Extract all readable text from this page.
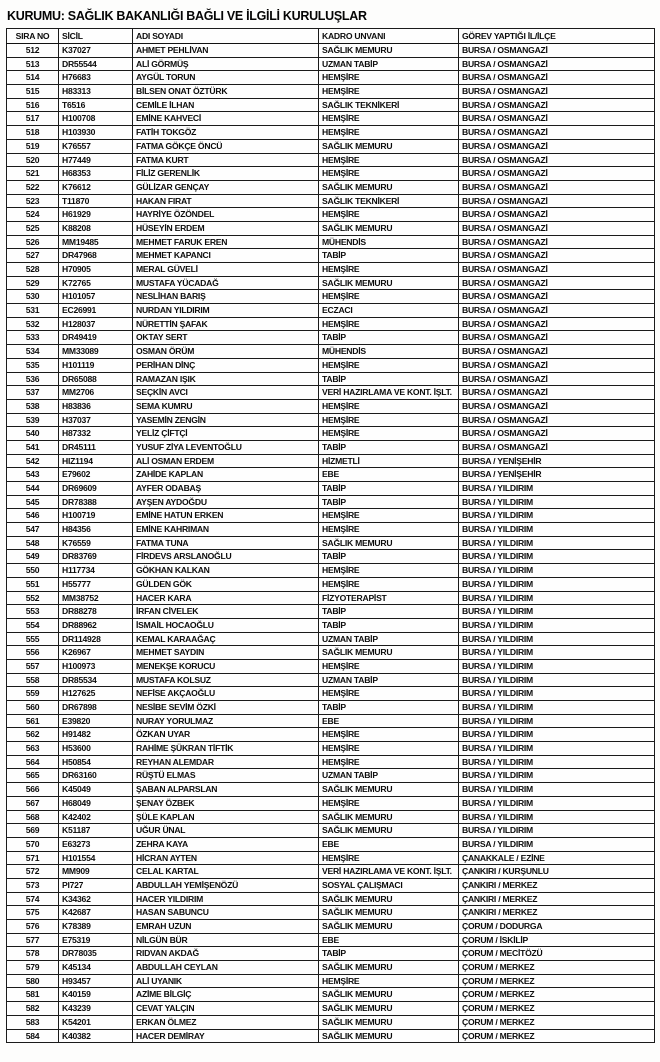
KURUMU: SAĞLIK BAKANLIĞI BAĞLI VE İLGİLİ KURULUŞLAR
SIRA NO	SİCİL	ADI SOYADI	KADRO UNVANI	GÖREV YAPTIĞI İL/İLÇE
512	K37027	AHMET PEHLİVAN	SAĞLIK MEMURU	BURSA / OSMANGAZİ
513	DR55544	ALİ GÖRMÜŞ	UZMAN TABİP	BURSA / OSMANGAZİ
514	H76683	AYGÜL TORUN	HEMŞİRE	BURSA / OSMANGAZİ
515	H83313	BİLSEN ONAT ÖZTÜRK	HEMŞİRE	BURSA / OSMANGAZİ
516	T6516	CEMİLE İLHAN	SAĞLIK TEKNİKERİ	BURSA / OSMANGAZİ
517	H100708	EMİNE KAHVECİ	HEMŞİRE	BURSA / OSMANGAZİ
518	H103930	FATİH TOKGÖZ	HEMŞİRE	BURSA / OSMANGAZİ
519	K76557	FATMA GÖKÇE ÖNCÜ	SAĞLIK MEMURU	BURSA / OSMANGAZİ
520	H77449	FATMA KURT	HEMŞİRE	BURSA / OSMANGAZİ
521	H68353	FİLİZ GERENLİK	HEMŞİRE	BURSA / OSMANGAZİ
522	K76612	GÜLİZAR GENÇAY	SAĞLIK MEMURU	BURSA / OSMANGAZİ
523	T11870	HAKAN FIRAT	SAĞLIK TEKNİKERİ	BURSA / OSMANGAZİ
524	H61929	HAYRİYE ÖZÖNDEL	HEMŞİRE	BURSA / OSMANGAZİ
525	K88208	HÜSEYİN ERDEM	SAĞLIK MEMURU	BURSA / OSMANGAZİ
526	MM19485	MEHMET FARUK EREN	MÜHENDİS	BURSA / OSMANGAZİ
527	DR47968	MEHMET KAPANCI	TABİP	BURSA / OSMANGAZİ
528	H70905	MERAL GÜVELİ	HEMŞİRE	BURSA / OSMANGAZİ
529	K72765	MUSTAFA YÜCADAĞ	SAĞLIK MEMURU	BURSA / OSMANGAZİ
530	H101057	NESLİHAN BARIŞ	HEMŞİRE	BURSA / OSMANGAZİ
531	EC26991	NURDAN YILDIRIM	ECZACI	BURSA / OSMANGAZİ
532	H128037	NÜRETTİN ŞAFAK	HEMŞİRE	BURSA / OSMANGAZİ
533	DR49419	OKTAY SERT	TABİP	BURSA / OSMANGAZİ
534	MM33089	OSMAN ÖRÜM	MÜHENDİS	BURSA / OSMANGAZİ
535	H101119	PERİHAN DİNÇ	HEMŞİRE	BURSA / OSMANGAZİ
536	DR65088	RAMAZAN IŞIK	TABİP	BURSA / OSMANGAZİ
537	MM2706	SEÇKİN AVCI	VERİ HAZIRLAMA VE KONT. İŞLT.	BURSA / OSMANGAZİ
538	H83836	SEMA KUMRU	HEMŞİRE	BURSA / OSMANGAZİ
539	H37037	YASEMİN ZENGİN	HEMŞİRE	BURSA / OSMANGAZİ
540	H87332	YELİZ ÇİFTÇİ	HEMŞİRE	BURSA / OSMANGAZİ
541	DR45111	YUSUF ZİYA LEVENTOĞLU	TABİP	BURSA / OSMANGAZİ
542	HIZ1194	ALİ OSMAN ERDEM	HİZMETLİ	BURSA / YENİŞEHİR
543	E79602	ZAHİDE KAPLAN	EBE	BURSA / YENİŞEHİR
544	DR69609	AYFER ODABAŞ	TABİP	BURSA / YILDIRIM
545	DR78388	AYŞEN AYDOĞDU	TABİP	BURSA / YILDIRIM
546	H100719	EMİNE HATUN ERKEN	HEMŞİRE	BURSA / YILDIRIM
547	H84356	EMİNE KAHRIMAN	HEMŞİRE	BURSA / YILDIRIM
548	K76559	FATMA TUNA	SAĞLIK MEMURU	BURSA / YILDIRIM
549	DR83769	FİRDEVS ARSLANOĞLU	TABİP	BURSA / YILDIRIM
550	H117734	GÖKHAN KALKAN	HEMŞİRE	BURSA / YILDIRIM
551	H55777	GÜLDEN GÖK	HEMŞİRE	BURSA / YILDIRIM
552	MM38752	HACER KARA	FİZYOTERAPİST	BURSA / YILDIRIM
553	DR88278	İRFAN CİVELEK	TABİP	BURSA / YILDIRIM
554	DR88962	İSMAİL HOCAOĞLU	TABİP	BURSA / YILDIRIM
555	DR114928	KEMAL KARAAĞAÇ	UZMAN TABİP	BURSA / YILDIRIM
556	K26967	MEHMET SAYDIN	SAĞLIK MEMURU	BURSA / YILDIRIM
557	H100973	MENEKŞE KORUCU	HEMŞİRE	BURSA / YILDIRIM
558	DR85534	MUSTAFA KOLSUZ	UZMAN TABİP	BURSA / YILDIRIM
559	H127625	NEFİSE AKÇAOĞLU	HEMŞİRE	BURSA / YILDIRIM
560	DR67898	NESİBE SEVİM ÖZKİ	TABİP	BURSA / YILDIRIM
561	E39820	NURAY YORULMAZ	EBE	BURSA / YILDIRIM
562	H91482	ÖZKAN UYAR	HEMŞİRE	BURSA / YILDIRIM
563	H53600	RAHİME ŞÜKRAN TİFTİK	HEMŞİRE	BURSA / YILDIRIM
564	H50854	REYHAN ALEMDAR	HEMŞİRE	BURSA / YILDIRIM
565	DR63160	RÜŞTÜ ELMAS	UZMAN TABİP	BURSA / YILDIRIM
566	K45049	ŞABAN ALPARSLAN	SAĞLIK MEMURU	BURSA / YILDIRIM
567	H68049	ŞENAY ÖZBEK	HEMŞİRE	BURSA / YILDIRIM
568	K42402	ŞÜLE KAPLAN	SAĞLIK MEMURU	BURSA / YILDIRIM
569	K51187	UĞUR ÜNAL	SAĞLIK MEMURU	BURSA / YILDIRIM
570	E63273	ZEHRA KAYA	EBE	BURSA / YILDIRIM
571	H101554	HİCRAN AYTEN	HEMŞİRE	ÇANAKKALE / EZİNE
572	MM909	CELAL KARTAL	VERİ HAZIRLAMA VE KONT. İŞLT.	ÇANKIRI / KURŞUNLU
573	PI727	ABDULLAH YEMİŞENÖZÜ	SOSYAL ÇALIŞMACI	ÇANKIRI / MERKEZ
574	K34362	HACER YILDIRIM	SAĞLIK MEMURU	ÇANKIRI / MERKEZ
575	K42687	HASAN SABUNCU	SAĞLIK MEMURU	ÇANKIRI / MERKEZ
576	K78389	EMRAH UZUN	SAĞLIK MEMURU	ÇORUM / DODURGA
577	E75319	NİLGÜN BÜR	EBE	ÇORUM / İSKİLİP
578	DR78035	RIDVAN AKDAĞ	TABİP	ÇORUM / MECİTÖZÜ
579	K45134	ABDULLAH CEYLAN	SAĞLIK MEMURU	ÇORUM / MERKEZ
580	H93457	ALİ UYANIK	HEMŞİRE	ÇORUM / MERKEZ
581	K40159	AZİME BİLGİÇ	SAĞLIK MEMURU	ÇORUM / MERKEZ
582	K43239	CEVAT YALÇIN	SAĞLIK MEMURU	ÇORUM / MERKEZ
583	K54201	ERKAN ÖLMEZ	SAĞLIK MEMURU	ÇORUM / MERKEZ
584	K40382	HACER DEMİRAY	SAĞLIK MEMURU	ÇORUM / MERKEZ
